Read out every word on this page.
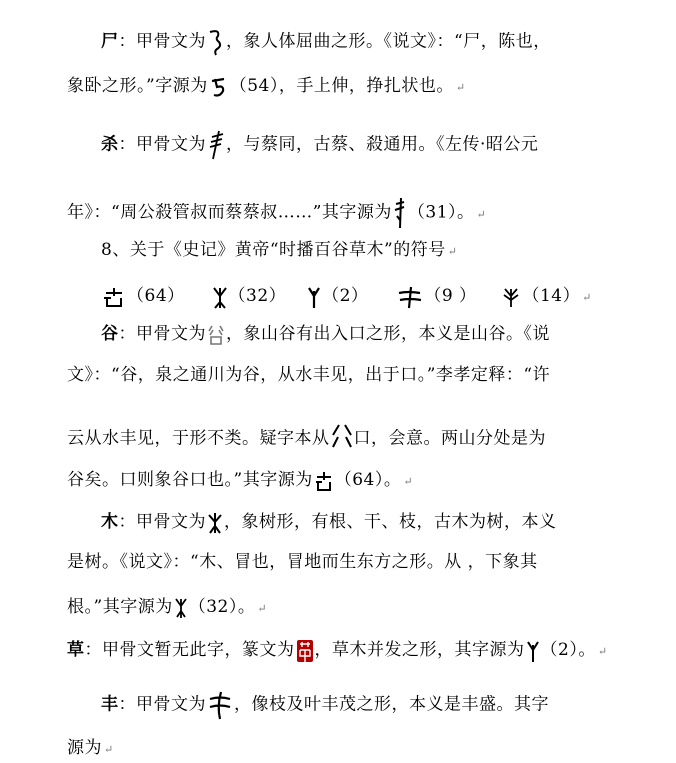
尸：甲骨文为 ，象人体屈曲之形。《说文》：“尸，陈也，
象卧之形。”字源为 （54），手上伸，挣扎状也。 ↵
杀：甲骨文为 ，与蔡同，古蔡、殺通用。《左传·昭公元
年》：“周公殺管叔而蔡蔡叔……”其字源为 （31）。 ↵
8、关于《史记》黄帝“时播百谷草木”的符号 ↵
（64）	（32） （2）	（9 ）	（14） ↵
谷：甲骨文为 ，象山谷有出入口之形，本义是山谷。《说
文》：“谷，泉之通川为谷，从水丰见，出于口。”李孝定释：“许
云从水丰见，于形不类。疑字本从 口，会意。两山分处是为
谷矣。口则象谷口也。”其字源为 （64）。 ↵
木：甲骨文为 ，象树形，有根、干、枝，古木为树，本义
是树。《说文》：“木、冒也，冒地而生东方之形。从 ，下象其
根。”其字源为 （32）。 ↵
草：甲骨文暂无此字，篆文为 ，草木并发之形，其字源为 （2）。 ↵
丰：甲骨文为 ，像枝及叶丰茂之形，本义是丰盛。其字
源为 ↵
